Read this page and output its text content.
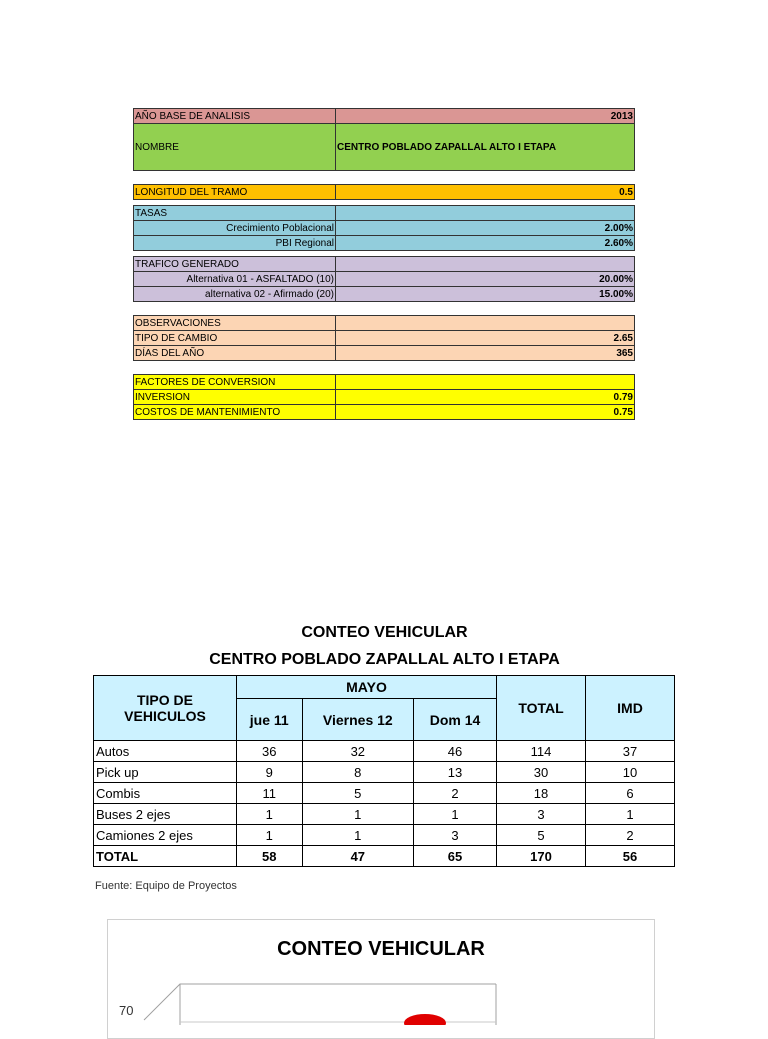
AÑO BASE DE ANALISIS	2013
NOMBRE	CENTRO POBLADO ZAPALLAL ALTO I ETAPA
LONGITUD DEL TRAMO	0.5
TASAS
Crecimiento Poblacional	2.00%
PBI Regional	2.60%
TRAFICO GENERADO
Alternativa 01 - ASFALTADO (10)	20.00%
alternativa 02 - Afirmado (20)	15.00%
OBSERVACIONES
TIPO DE CAMBIO	2.65
DÍAS DEL AÑO	365
FACTORES DE CONVERSION
INVERSION	0.79
COSTOS DE MANTENIMIENTO	0.75
CONTEO VEHICULAR
CENTRO POBLADO ZAPALLAL ALTO I ETAPA
TIPO DE VEHICULOS	MAYO			TOTAL	IMD
	jue 11	Viernes 12	Dom 14		
Autos	36	32	46	114	37
Pick up	9	8	13	30	10
Combis	11	5	2	18	6
Buses 2 ejes	1	1	1	3	1
Camiones 2 ejes	1	1	3	5	2
TOTAL	58	47	65	170	56
Fuente: Equipo de Proyectos
CONTEO VEHICULAR
70
